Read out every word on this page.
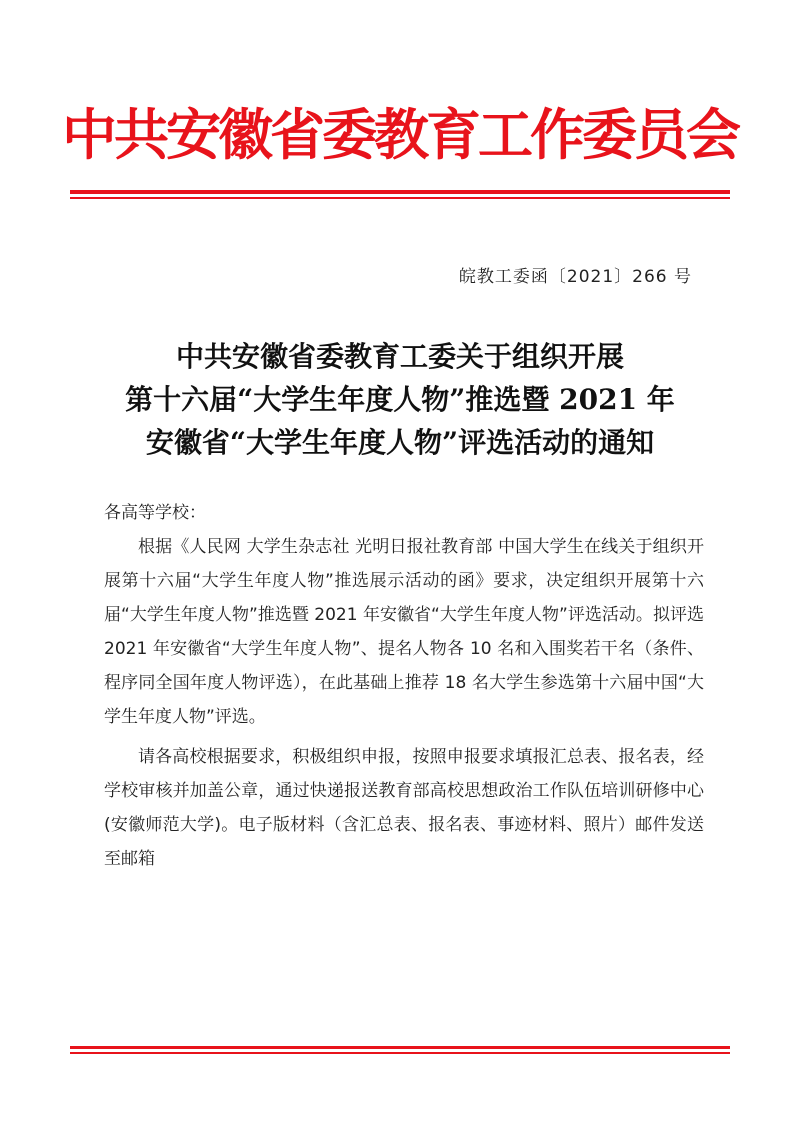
中共安徽省委教育工作委员会
皖教工委函〔2021〕266 号
中共安徽省委教育工委关于组织开展
第十六届“大学生年度人物”推选暨 2021 年
安徽省“大学生年度人物”评选活动的通知

各高等学校：

根据《人民网 大学生杂志社 光明日报社教育部 中国大学生在线关于组织开展第十六届“大学生年度人物”推选展示活动的函》要求，决定组织开展第十六届“大学生年度人物”推选暨 2021 年安徽省“大学生年度人物”评选活动。拟评选 2021 年安徽省“大学生年度人物”、提名人物各 10 名和入围奖若干名（条件、程序同全国年度人物评选），在此基础上推荐 18 名大学生参选第十六届中国“大学生年度人物”评选。

请各高校根据要求，积极组织申报，按照申报要求填报汇总表、报名表，经学校审核并加盖公章，通过快递报送教育部高校思想政治工作队伍培训研修中心(安徽师范大学)。电子版材料（含汇总表、报名表、事迹材料、照片）邮件发送至邮箱
